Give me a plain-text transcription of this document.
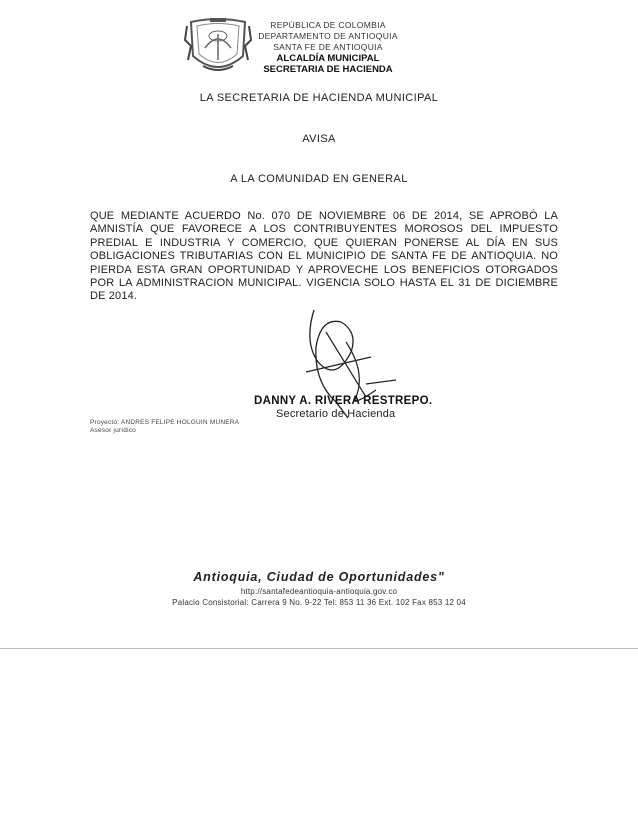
REPÚBLICA DE COLOMBIA
DEPARTAMENTO DE ANTIOQUIA
SANTA FE DE ANTIOQUIA
ALCALDÍA MUNICIPAL
SECRETARIA DE HACIENDA
LA SECRETARIA DE HACIENDA MUNICIPAL
AVISA
A LA COMUNIDAD EN GENERAL
QUE MEDIANTE ACUERDO No. 070 DE NOVIEMBRE 06 DE 2014, SE APROBÓ LA AMNISTÍA QUE FAVORECE A LOS CONTRIBUYENTES MOROSOS DEL IMPUESTO PREDIAL E INDUSTRIA Y COMERCIO, QUE QUIERAN PONERSE AL DÍA EN SUS OBLIGACIONES TRIBUTARIAS CON EL MUNICIPIO DE SANTA FE DE ANTIOQUIA. NO PIERDA ESTA GRAN OPORTUNIDAD Y APROVECHE LOS BENEFICIOS OTORGADOS POR LA ADMINISTRACION MUNICIPAL. VIGENCIA SOLO HASTA EL 31 DE DICIEMBRE DE 2014.
DANNY A. RIVERA RESTREPO.
Secretario de Hacienda
Proyectó: ANDRES FELIPE HOLGUIN MUNERA
Asesor jurídico
Antioquia, Ciudad de Oportunidades"
http://santafedeantioquia-antioquia.gov.co
Palacio Consistorial: Carrera 9 No. 9-22 Tel: 853 11 36 Ext. 102 Fax 853 12 04
